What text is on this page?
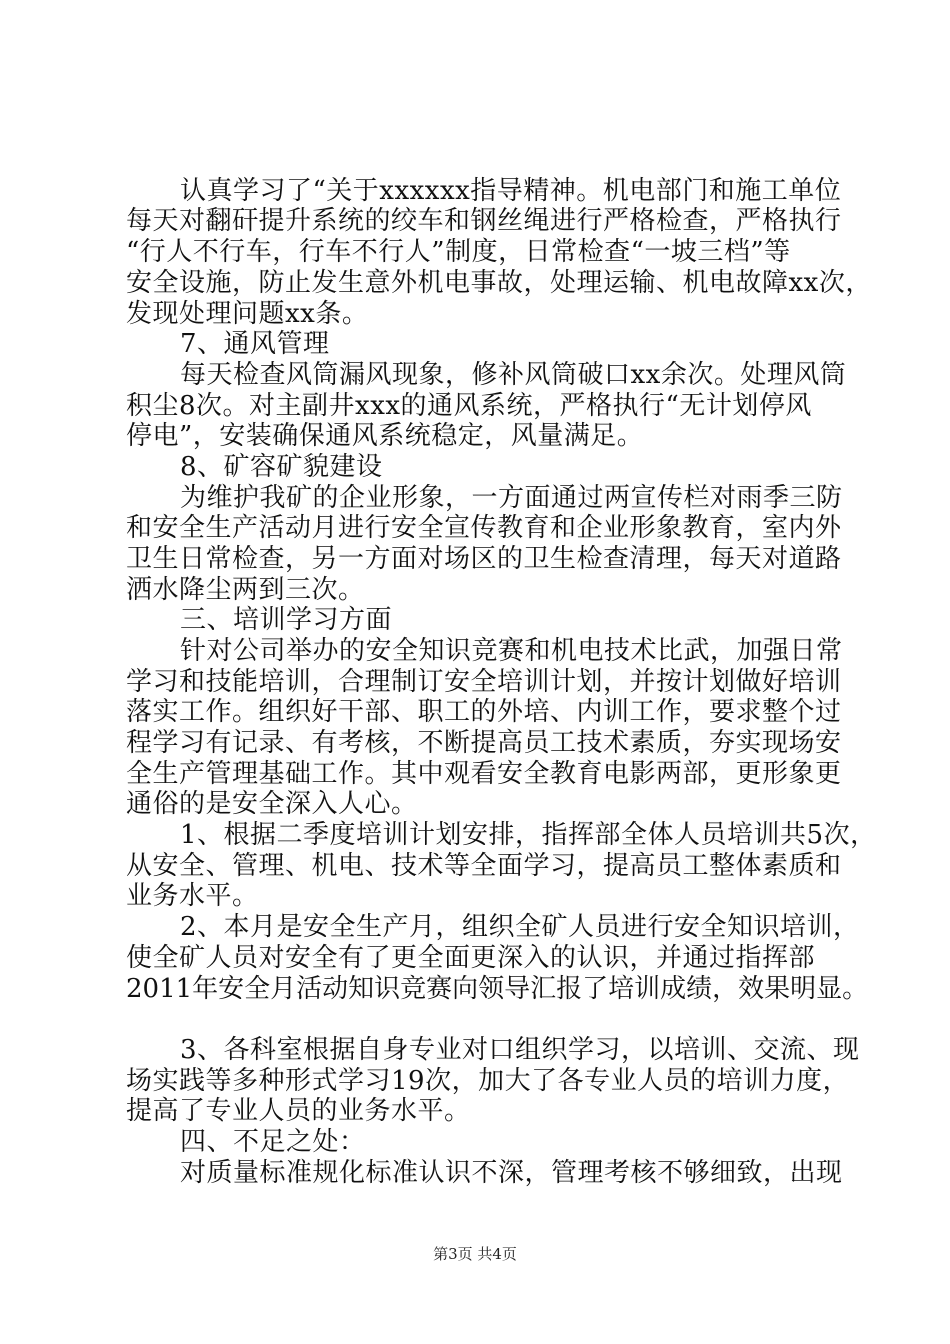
认真学习了“关于xxxxxx指导精神。机电部门和施工单位
每天对翻矸提升系统的绞车和钢丝绳进行严格检查，严格执行
“行人不行车，行车不行人”制度，日常检查“一坡三档”等
安全设施，防止发生意外机电事故，处理运输、机电故障xx次，
发现处理问题xx条。
7、通风管理
每天检查风筒漏风现象，修补风筒破口xx余次。处理风筒
积尘8次。对主副井xxx的通风系统，严格执行“无计划停风
停电”，安装确保通风系统稳定，风量满足。
8、矿容矿貌建设
为维护我矿的企业形象，一方面通过两宣传栏对雨季三防
和安全生产活动月进行安全宣传教育和企业形象教育，室内外
卫生日常检查，另一方面对场区的卫生检查清理，每天对道路
洒水降尘两到三次。
三、培训学习方面
针对公司举办的安全知识竞赛和机电技术比武，加强日常
学习和技能培训，合理制订安全培训计划，并按计划做好培训
落实工作。组织好干部、职工的外培、内训工作，要求整个过
程学习有记录、有考核，不断提高员工技术素质，夯实现场安
全生产管理基础工作。其中观看安全教育电影两部，更形象更
通俗的是安全深入人心。
1、根据二季度培训计划安排，指挥部全体人员培训共5次，
从安全、管理、机电、技术等全面学习，提高员工整体素质和
业务水平。
2、本月是安全生产月，组织全矿人员进行安全知识培训，
使全矿人员对安全有了更全面更深入的认识，并通过指挥部
2011年安全月活动知识竞赛向领导汇报了培训成绩，效果明显。
3、各科室根据自身专业对口组织学习，以培训、交流、现
场实践等多种形式学习19次，加大了各专业人员的培训力度，
提高了专业人员的业务水平。
四、不足之处：
对质量标准规化标准认识不深，管理考核不够细致，出现
第3页 共4页
